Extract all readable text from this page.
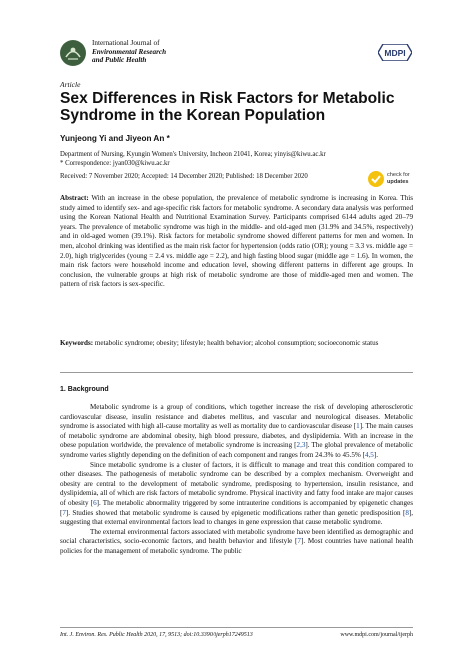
International Journal of
Environmental Research
and Public Health
MDPI
Article
Sex Differences in Risk Factors for Metabolic Syndrome in the Korean Population
Yunjeong Yi and Jiyeon An *
Department of Nursing, Kyungin Women's University, Incheon 21041, Korea; yinyis@kiwu.ac.kr
* Correspondence: jyan030@kiwu.ac.kr
Received: 7 November 2020; Accepted: 14 December 2020; Published: 18 December 2020	check for
updates
Abstract: With an increase in the obese population, the prevalence of metabolic syndrome is increasing in Korea. This study aimed to identify sex- and age-specific risk factors for metabolic syndrome. A secondary data analysis was performed using the Korean National Health and Nutritional Examination Survey. Participants comprised 6144 adults aged 20–79 years. The prevalence of metabolic syndrome was high in the middle- and old-aged men (31.9% and 34.5%, respectively) and in old-aged women (39.1%). Risk factors for metabolic syndrome showed different patterns for men and women. In men, alcohol drinking was identified as the main risk factor for hypertension (odds ratio (OR); young = 3.3 vs. middle age = 2.0), high triglycerides (young = 2.4 vs. middle age = 2.2), and high fasting blood sugar (middle age = 1.6). In women, the main risk factors were household income and education level, showing different patterns in different age groups. In conclusion, the vulnerable groups at high risk of metabolic syndrome are those of middle-aged men and women. The pattern of risk factors is sex-specific.
Keywords: metabolic syndrome; obesity; lifestyle; health behavior; alcohol consumption; socioeconomic status
1. Background

Metabolic syndrome is a group of conditions, which together increase the risk of developing atherosclerotic cardiovascular disease, insulin resistance and diabetes mellitus, and vascular and neurological diseases. Metabolic syndrome is associated with high all-cause mortality as well as mortality due to cardiovascular disease [1]. The main causes of metabolic syndrome are abdominal obesity, high blood pressure, diabetes, and dyslipidemia. With an increase in the obese population worldwide, the prevalence of metabolic syndrome is increasing [2,3]. The global prevalence of metabolic syndrome varies slightly depending on the definition of each component and ranges from 24.3% to 45.5% [4,5].

Since metabolic syndrome is a cluster of factors, it is difficult to manage and treat this condition compared to other diseases. The pathogenesis of metabolic syndrome can be described by a complex mechanism. Overweight and obesity are central to the development of metabolic syndrome, predisposing to hypertension, insulin resistance, and dyslipidemia, all of which are risk factors of metabolic syndrome. Physical inactivity and fatty food intake are major causes of obesity [6]. The metabolic abnormality triggered by some intrauterine conditions is accompanied by epigenetic changes [7]. Studies showed that metabolic syndrome is caused by epigenetic modifications rather than genetic predisposition [8], suggesting that external environmental factors lead to changes in gene expression that cause metabolic syndrome.

The external environmental factors associated with metabolic syndrome have been identified as demographic and social characteristics, socio-economic factors, and health behavior and lifestyle [7]. Most countries have national health policies for the management of metabolic syndrome. The public

Int. J. Environ. Res. Public Health 2020, 17, 9513; doi:10.3390/ijerph17249513	www.mdpi.com/journal/ijerph
